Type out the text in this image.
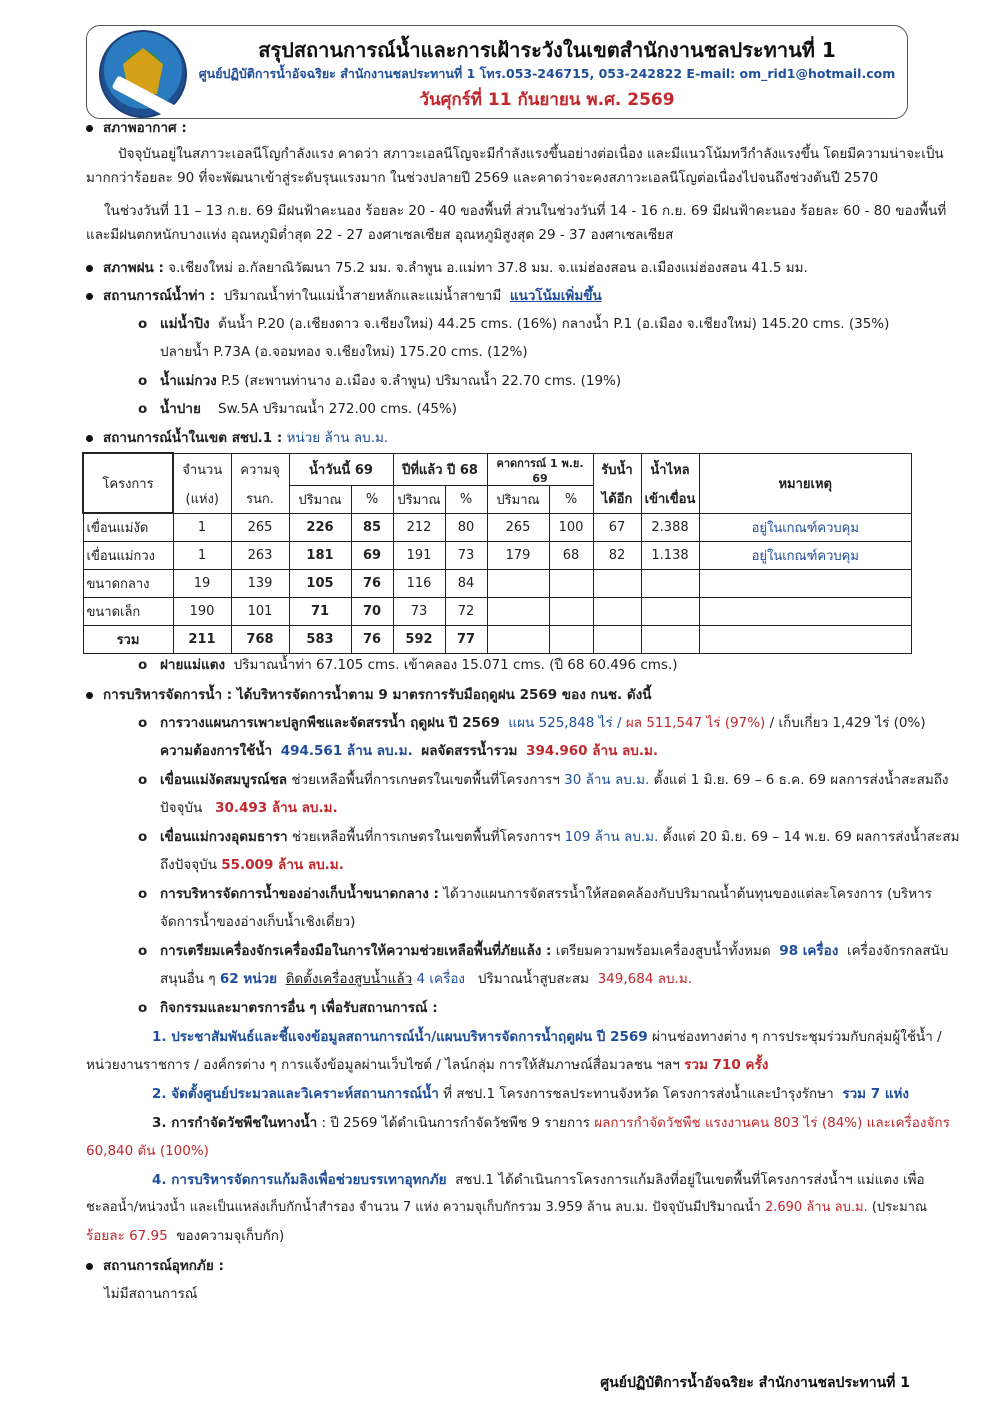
สรุปสถานการณ์น้ำและการเฝ้าระวังในเขตสำนักงานชลประทานที่ 1
ศูนย์ปฏิบัติการน้ำอัจฉริยะ สำนักงานชลประทานที่ 1 โทร.053-246715, 053-242822 E-mail: om_rid1@hotmail.com
วันศุกร์ที่ 11 กันยายน พ.ศ. 2569
สภาพอากาศ :
ปัจจุบันอยู่ในสภาวะเอลนีโญกำลังแรง คาดว่า สภาวะเอลนีโญจะมีกำลังแรงขึ้นอย่างต่อเนื่อง และมีแนวโน้มทวีกำลังแรงขึ้น โดยมีความน่าจะเป็น
มากกว่าร้อยละ 90 ที่จะพัฒนาเข้าสู่ระดับรุนแรงมาก ในช่วงปลายปี 2569 และคาดว่าจะคงสภาวะเอลนีโญต่อเนื่องไปจนถึงช่วงต้นปี 2570
ในช่วงวันที่ 11 – 13 ก.ย. 69 มีฝนฟ้าคะนอง ร้อยละ 20 - 40 ของพื้นที่ ส่วนในช่วงวันที่ 14 - 16 ก.ย. 69 มีฝนฟ้าคะนอง ร้อยละ 60 - 80 ของพื้นที่
และมีฝนตกหนักบางแห่ง อุณหภูมิต่ำสุด 22 - 27 องศาเซลเซียส อุณหภูมิสูงสุด 29 - 37 องศาเซลเซียส
สภาพฝน : จ.เชียงใหม่ อ.กัลยาณิวัฒนา 75.2 มม. จ.ลำพูน อ.แม่ทา 37.8 มม. จ.แม่ฮ่องสอน อ.เมืองแม่ฮ่องสอน 41.5 มม.
สถานการณ์น้ำท่า : ปริมาณน้ำท่าในแม่น้ำสายหลักและแม่น้ำสาขามี แนวโน้มเพิ่มขึ้น
o แม่น้ำปิง ต้นน้ำ P.20 (อ.เชียงดาว จ.เชียงใหม่) 44.25 cms. (16%) กลางน้ำ P.1 (อ.เมือง จ.เชียงใหม่) 145.20 cms. (35%)
ปลายน้ำ P.73A (อ.จอมทอง จ.เชียงใหม่) 175.20 cms. (12%)
o น้ำแม่กวง P.5 (สะพานท่านาง อ.เมือง จ.ลำพูน) ปริมาณน้ำ 22.70 cms. (19%)
o น้ำปาย Sw.5A ปริมาณน้ำ 272.00 cms. (45%)
สถานการณ์น้ำในเขต สชป.1 : หน่วย ล้าน ลบ.ม.
โครงการ	จำนวน	ความจุ	น้ำวันนี้ 69		ปีที่แล้ว ปี 68		คาดการณ์ 1 พ.ย. 69		รับน้ำ	น้ำไหล	หมายเหตุ
	(แห่ง)	รนก.	ปริมาณ	%	ปริมาณ	%	ปริมาณ	%	ได้อีก	เข้าเขื่อน	
เขื่อนแม่งัด	1	265	226	85	212	80	265	100	67	2.388	อยู่ในเกณฑ์ควบคุม
เขื่อนแม่กวง	1	263	181	69	191	73	179	68	82	1.138	อยู่ในเกณฑ์ควบคุม
ขนาดกลาง	19	139	105	76	116	84					
ขนาดเล็ก	190	101	71	70	73	72					
รวม	211	768	583	76	592	77					
o ฝายแม่แตง ปริมาณน้ำท่า 67.105 cms. เข้าคลอง 15.071 cms. (ปี 68 60.496 cms.)
การบริหารจัดการน้ำ : ได้บริหารจัดการน้ำตาม 9 มาตรการรับมือฤดูฝน 2569 ของ กนช. ดังนี้
o การวางแผนการเพาะปลูกพืชและจัดสรรน้ำ ฤดูฝน ปี 2569 แผน 525,848 ไร่ / ผล 511,547 ไร่ (97%) / เก็บเกี่ยว 1,429 ไร่ (0%)
ความต้องการใช้น้ำ 494.561 ล้าน ลบ.ม. ผลจัดสรรน้ำรวม 394.960 ล้าน ลบ.ม.
o เขื่อนแม่งัดสมบูรณ์ชล ช่วยเหลือพื้นที่การเกษตรในเขตพื้นที่โครงการฯ 30 ล้าน ลบ.ม. ตั้งแต่ 1 มิ.ย. 69 – 6 ธ.ค. 69 ผลการส่งน้ำสะสมถึง
ปัจจุบัน 30.493 ล้าน ลบ.ม.
o เขื่อนแม่กวงอุดมธารา ช่วยเหลือพื้นที่การเกษตรในเขตพื้นที่โครงการฯ 109 ล้าน ลบ.ม. ตั้งแต่ 20 มิ.ย. 69 – 14 พ.ย. 69 ผลการส่งน้ำสะสม
ถึงปัจจุบัน 55.009 ล้าน ลบ.ม.
o การบริหารจัดการน้ำของอ่างเก็บน้ำขนาดกลาง : ได้วางแผนการจัดสรรน้ำให้สอดคล้องกับปริมาณน้ำต้นทุนของแต่ละโครงการ (บริหาร
จัดการน้ำของอ่างเก็บน้ำเชิงเดี่ยว)
o การเตรียมเครื่องจักรเครื่องมือในการให้ความช่วยเหลือพื้นที่ภัยแล้ง : เตรียมความพร้อมเครื่องสูบน้ำทั้งหมด 98 เครื่อง เครื่องจักรกลสนับ
สนุนอื่น ๆ 62 หน่วย ติดตั้งเครื่องสูบน้ำแล้ว 4 เครื่อง ปริมาณน้ำสูบสะสม 349,684 ลบ.ม.
o กิจกรรมและมาตรการอื่น ๆ เพื่อรับสถานการณ์ :
1. ประชาสัมพันธ์และชี้แจงข้อมูลสถานการณ์น้ำ/แผนบริหารจัดการน้ำฤดูฝน ปี 2569 ผ่านช่องทางต่าง ๆ การประชุมร่วมกับกลุ่มผู้ใช้น้ำ /
หน่วยงานราชการ / องค์กรต่าง ๆ การแจ้งข้อมูลผ่านเว็บไซต์ / ไลน์กลุ่ม การให้สัมภาษณ์สื่อมวลชน ฯลฯ รวม 710 ครั้ง
2. จัดตั้งศูนย์ประมวลและวิเคราะห์สถานการณ์น้ำ ที่ สชป.1 โครงการชลประทานจังหวัด โครงการส่งน้ำและบำรุงรักษา รวม 7 แห่ง
3. การกำจัดวัชพืชในทางน้ำ : ปี 2569 ได้ดำเนินการกำจัดวัชพืช 9 รายการ ผลการกำจัดวัชพืช แรงงานคน 803 ไร่ (84%) และเครื่องจักร
60,840 ตัน (100%)
4. การบริหารจัดการแก้มลิงเพื่อช่วยบรรเทาอุทกภัย สชป.1 ได้ดำเนินการโครงการแก้มลิงที่อยู่ในเขตพื้นที่โครงการส่งน้ำฯ แม่แตง เพื่อ
ชะลอน้ำ/หน่วงน้ำ และเป็นแหล่งเก็บกักน้ำสำรอง จำนวน 7 แห่ง ความจุเก็บกักรวม 3.959 ล้าน ลบ.ม. ปัจจุบันมีปริมาณน้ำ 2.690 ล้าน ลบ.ม. (ประมาณ
ร้อยละ 67.95 ของความจุเก็บกัก)
สถานการณ์อุทกภัย :
ไม่มีสถานการณ์
ศูนย์ปฏิบัติการน้ำอัจฉริยะ สำนักงานชลประทานที่ 1
